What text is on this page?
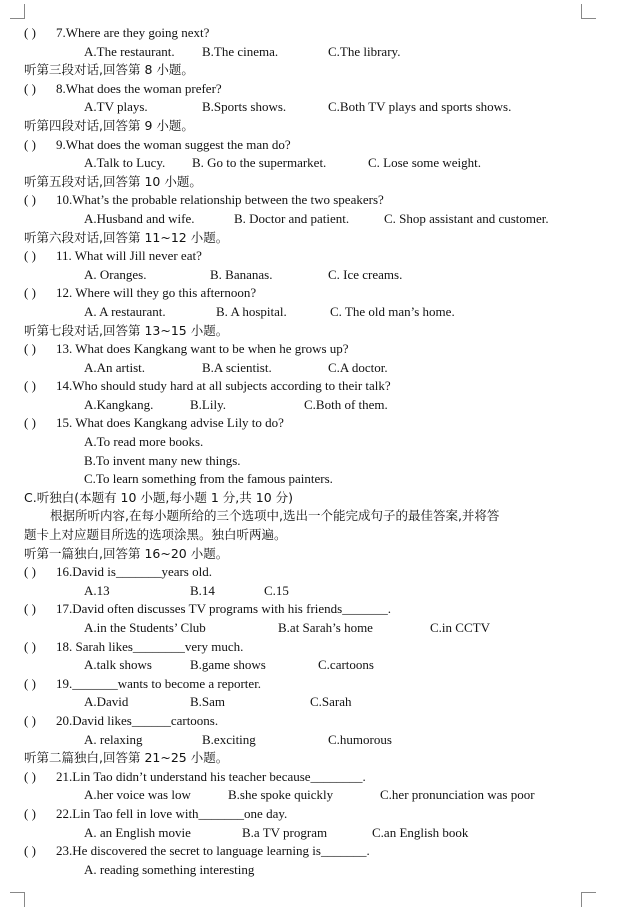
( ) 7.Where are they going next?
A.The restaurant. B.The cinema.	C.The library.
听第三段对话,回答第 8 小题。
( ) 8.What does the woman prefer?
A.TV plays.	B.Sports shows.	C.Both TV plays and sports shows.
听第四段对话,回答第 9 小题。
( ) 9.What does the woman suggest the man do?
A.Talk to Lucy. B. Go to the supermarket.	C. Lose some weight.
听第五段对话,回答第 10 小题。
( ) 10.What’s the probable relationship between the two speakers?
A.Husband and wife.	B. Doctor and patient.	C. Shop assistant and customer.
听第六段对话,回答第 11~12 小题。
( ) 11. What will Jill never eat?
A. Oranges.	B. Bananas.	C. Ice creams.
( ) 12. Where will they go this afternoon?
A. A restaurant.	B. A hospital.	C. The old man’s home.
听第七段对话,回答第 13~15 小题。
( ) 13. What does Kangkang want to be when he grows up?
A.An artist.	B.A scientist.	C.A doctor.
( ) 14.Who should study hard at all subjects according to their talk?
A.Kangkang.	B.Lily.	C.Both of them.
( ) 15. What does Kangkang advise Lily to do?
A.To read more books.
B.To invent many new things.
C.To learn something from the famous painters.
C.听独白(本题有 10 小题,每小题 1 分,共 10 分)
根据所听内容,在每小题所给的三个选项中,选出一个能完成句子的最佳答案,并将答
题卡上对应题目所选的选项涂黑。独白听两遍。
听第一篇独白,回答第 16~20 小题。
( ) 16.David is_______years old.
A.13	B.14	C.15
( ) 17.David often discusses TV programs with his friends_______.
A.in the Students’ Club	B.at Sarah’s home	C.in CCTV
( ) 18. Sarah likes________very much.
A.talk shows	B.game shows	C.cartoons
( ) 19._______wants to become a reporter.
A.David	B.Sam	C.Sarah
( ) 20.David likes______cartoons.
A. relaxing	B.exciting	C.humorous
听第二篇独白,回答第 21~25 小题。
( ) 21.Lin Tao didn’t understand his teacher because________.
A.her voice was low	B.she spoke quickly	C.her pronunciation was poor
( ) 22.Lin Tao fell in love with_______one day.
A. an English movie	B.a TV program	C.an English book
( ) 23.He discovered the secret to language learning is_______.
A. reading something interesting
